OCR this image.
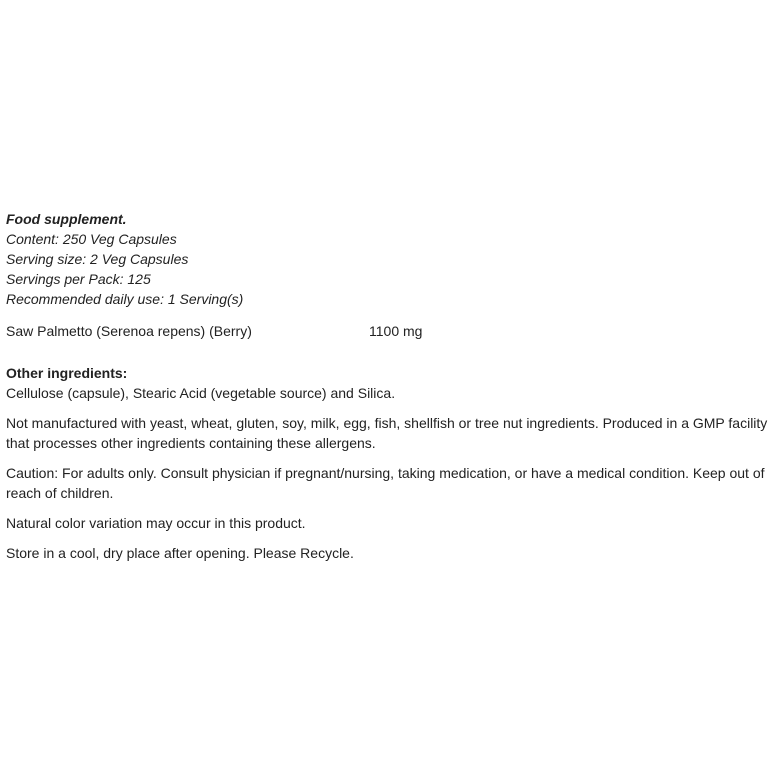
Food supplement.
Content: 250 Veg Capsules
Serving size: 2 Veg Capsules
Servings per Pack: 125
Recommended daily use: 1 Serving(s)
Saw Palmetto (Serenoa repens) (Berry)	1100 mg
Other ingredients:
Cellulose (capsule), Stearic Acid (vegetable source) and Silica.
Not manufactured with yeast, wheat, gluten, soy, milk, egg, fish, shellfish or tree nut ingredients. Produced in a GMP facility
that processes other ingredients containing these allergens.
Caution: For adults only. Consult physician if pregnant/nursing, taking medication, or have a medical condition. Keep out of
reach of children.
Natural color variation may occur in this product.
Store in a cool, dry place after opening. Please Recycle.
